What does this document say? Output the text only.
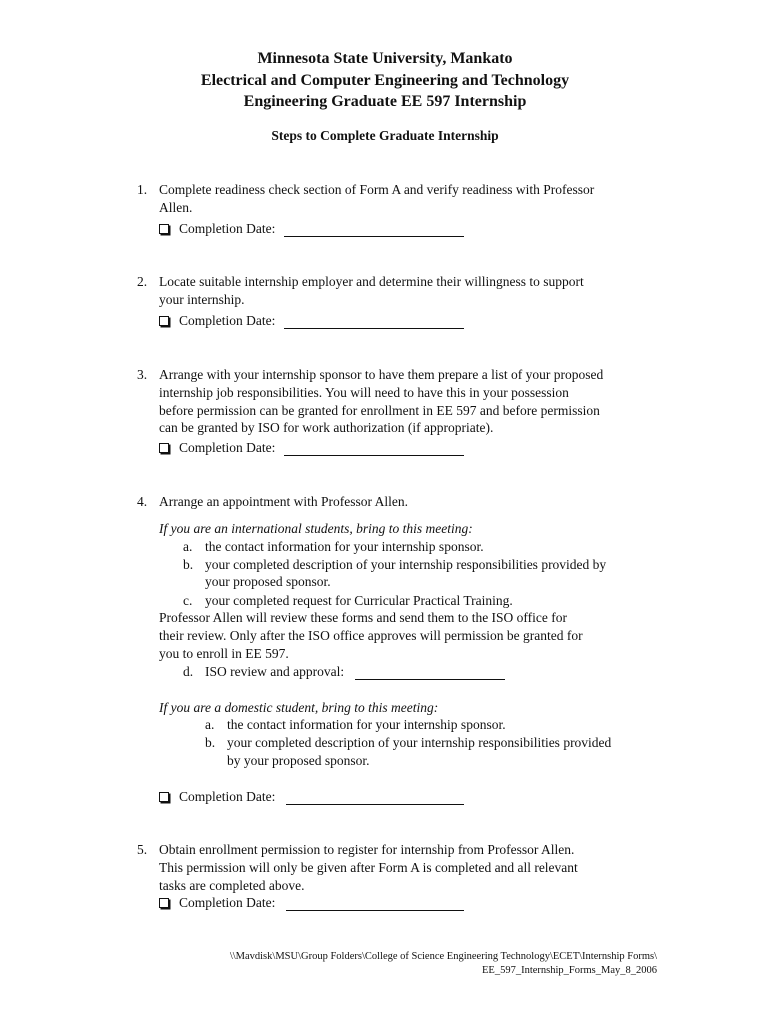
Minnesota State University, Mankato
Electrical and Computer Engineering and Technology
Engineering Graduate EE 597 Internship
Steps to Complete Graduate Internship
1. Complete readiness check section of Form A and verify readiness with Professor
Allen.
Completion Date:
2. Locate suitable internship employer and determine their willingness to support
your internship.
Completion Date:
3. Arrange with your internship sponsor to have them prepare a list of your proposed
internship job responsibilities. You will need to have this in your possession
before permission can be granted for enrollment in EE 597 and before permission
can be granted by ISO for work authorization (if appropriate).
Completion Date:
4. Arrange an appointment with Professor Allen.
If you are an international students, bring to this meeting:
a. the contact information for your internship sponsor.
b. your completed description of your internship responsibilities provided by
your proposed sponsor.
c. your completed request for Curricular Practical Training.
Professor Allen will review these forms and send them to the ISO office for
their review. Only after the ISO office approves will permission be granted for
you to enroll in EE 597.
d. ISO review and approval:
If you are a domestic student, bring to this meeting:
a. the contact information for your internship sponsor.
b. your completed description of your internship responsibilities provided
by your proposed sponsor.
Completion Date:
5. Obtain enrollment permission to register for internship from Professor Allen.
This permission will only be given after Form A is completed and all relevant
tasks are completed above.
Completion Date:
\\Mavdisk\MSU\Group Folders\College of Science Engineering Technology\ECET\Internship Forms\
EE_597_Internship_Forms_May_8_2006
